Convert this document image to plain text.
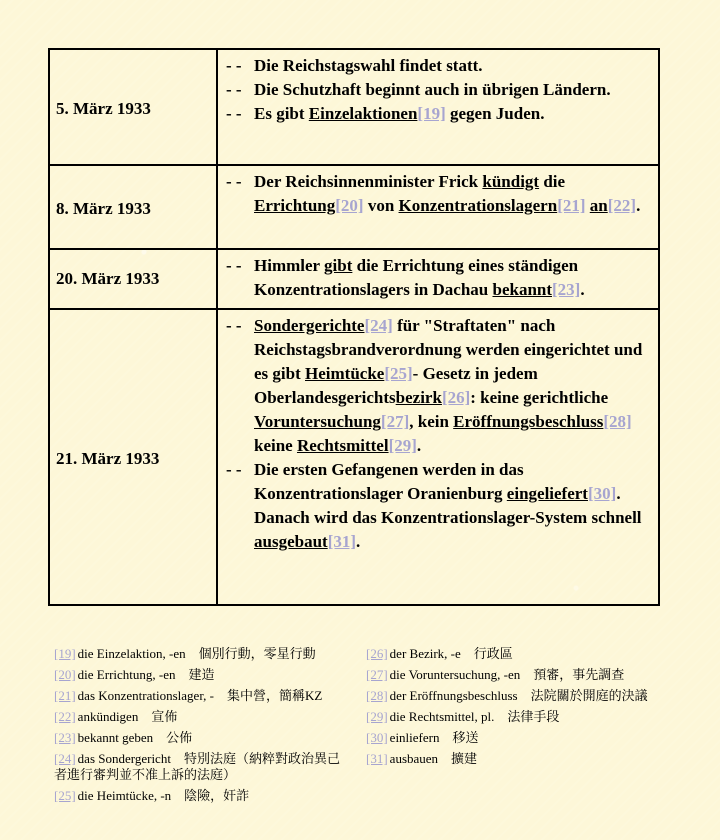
5. März 1933
- - Die Reichstagswahl findet statt.
- - Die Schutzhaft beginnt auch in übrigen Ländern.
- - Es gibt Einzelaktionen[19] gegen Juden.
8. März 1933
- - Der Reichsinnenminister Frick kündigt die Errichtung[20] von Konzentrationslagern[21] an[22].
20. März 1933
- - Himmler gibt die Errichtung eines ständigen Konzentrationslagers in Dachau bekannt[23].
21. März 1933
- - Sondergerichte[24] für "Straftaten" nach Reichstagsbrandverordnung werden eingerichtet und es gibt Heimtücke[25]- Gesetz in jedem Oberlandesgerichtsbezirk[26]: keine gerichtliche Voruntersuchung[27], kein Eröffnungsbeschluss[28] keine Rechtsmittel[29].
- - Die ersten Gefangenen werden in das Konzentrationslager Oranienburg eingeliefert[30]. Danach wird das Konzentrationslager-System schnell ausgebaut[31].
[19] die Einzelaktion, -en　個別行動，零星行動
[20] die Errichtung, -en　建造
[21] das Konzentrationslager, -　集中營，簡稱KZ
[22] ankündigen　宣佈
[23] bekannt geben　公佈
[24] das Sondergericht　特別法庭（納粹對政治異己者進行審判並不准上訴的法庭）
[25] die Heimtücke, -n　陰險，奸詐
[26] der Bezirk, -e　行政區
[27] die Voruntersuchung, -en　預審，事先調查
[28] der Eröffnungsbeschluss　法院關於開庭的決議
[29] die Rechtsmittel, pl.　法律手段
[30] einliefern　移送
[31] ausbauen　擴建
